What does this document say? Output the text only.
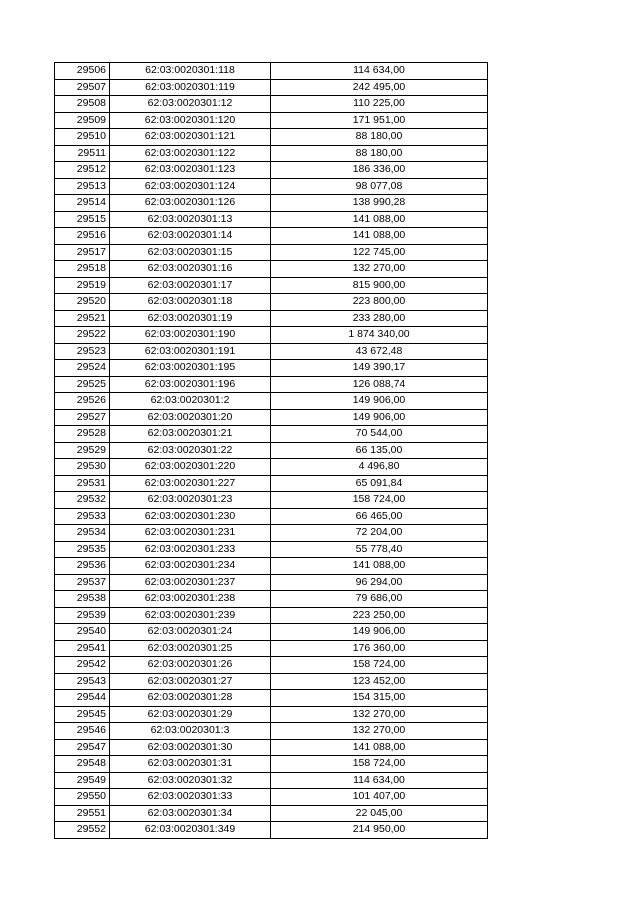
29506	62:03:0020301:118	114 634,00
29507	62:03:0020301:119	242 495,00
29508	62:03:0020301:12	110 225,00
29509	62:03:0020301:120	171 951,00
29510	62:03:0020301:121	88 180,00
29511	62:03:0020301:122	88 180,00
29512	62:03:0020301:123	186 336,00
29513	62:03:0020301:124	98 077,08
29514	62:03:0020301:126	138 990,28
29515	62:03:0020301:13	141 088,00
29516	62:03:0020301:14	141 088,00
29517	62:03:0020301:15	122 745,00
29518	62:03:0020301:16	132 270,00
29519	62:03:0020301:17	815 900,00
29520	62:03:0020301:18	223 800,00
29521	62:03:0020301:19	233 280,00
29522	62:03:0020301:190	1 874 340,00
29523	62:03:0020301:191	43 672,48
29524	62:03:0020301:195	149 390,17
29525	62:03:0020301:196	126 088,74
29526	62:03:0020301:2	149 906,00
29527	62:03:0020301:20	149 906,00
29528	62:03:0020301:21	70 544,00
29529	62:03:0020301:22	66 135,00
29530	62:03:0020301:220	4 496,80
29531	62:03:0020301:227	65 091,84
29532	62:03:0020301:23	158 724,00
29533	62:03:0020301:230	66 465,00
29534	62:03:0020301:231	72 204,00
29535	62:03:0020301:233	55 778,40
29536	62:03:0020301:234	141 088,00
29537	62:03:0020301:237	96 294,00
29538	62:03:0020301:238	79 686,00
29539	62:03:0020301:239	223 250,00
29540	62:03:0020301:24	149 906,00
29541	62:03:0020301:25	176 360,00
29542	62:03:0020301:26	158 724,00
29543	62:03:0020301:27	123 452,00
29544	62:03:0020301:28	154 315,00
29545	62:03:0020301:29	132 270,00
29546	62:03:0020301:3	132 270,00
29547	62:03:0020301:30	141 088,00
29548	62:03:0020301:31	158 724,00
29549	62:03:0020301:32	114 634,00
29550	62:03:0020301:33	101 407,00
29551	62:03:0020301:34	22 045,00
29552	62:03:0020301:349	214 950,00
